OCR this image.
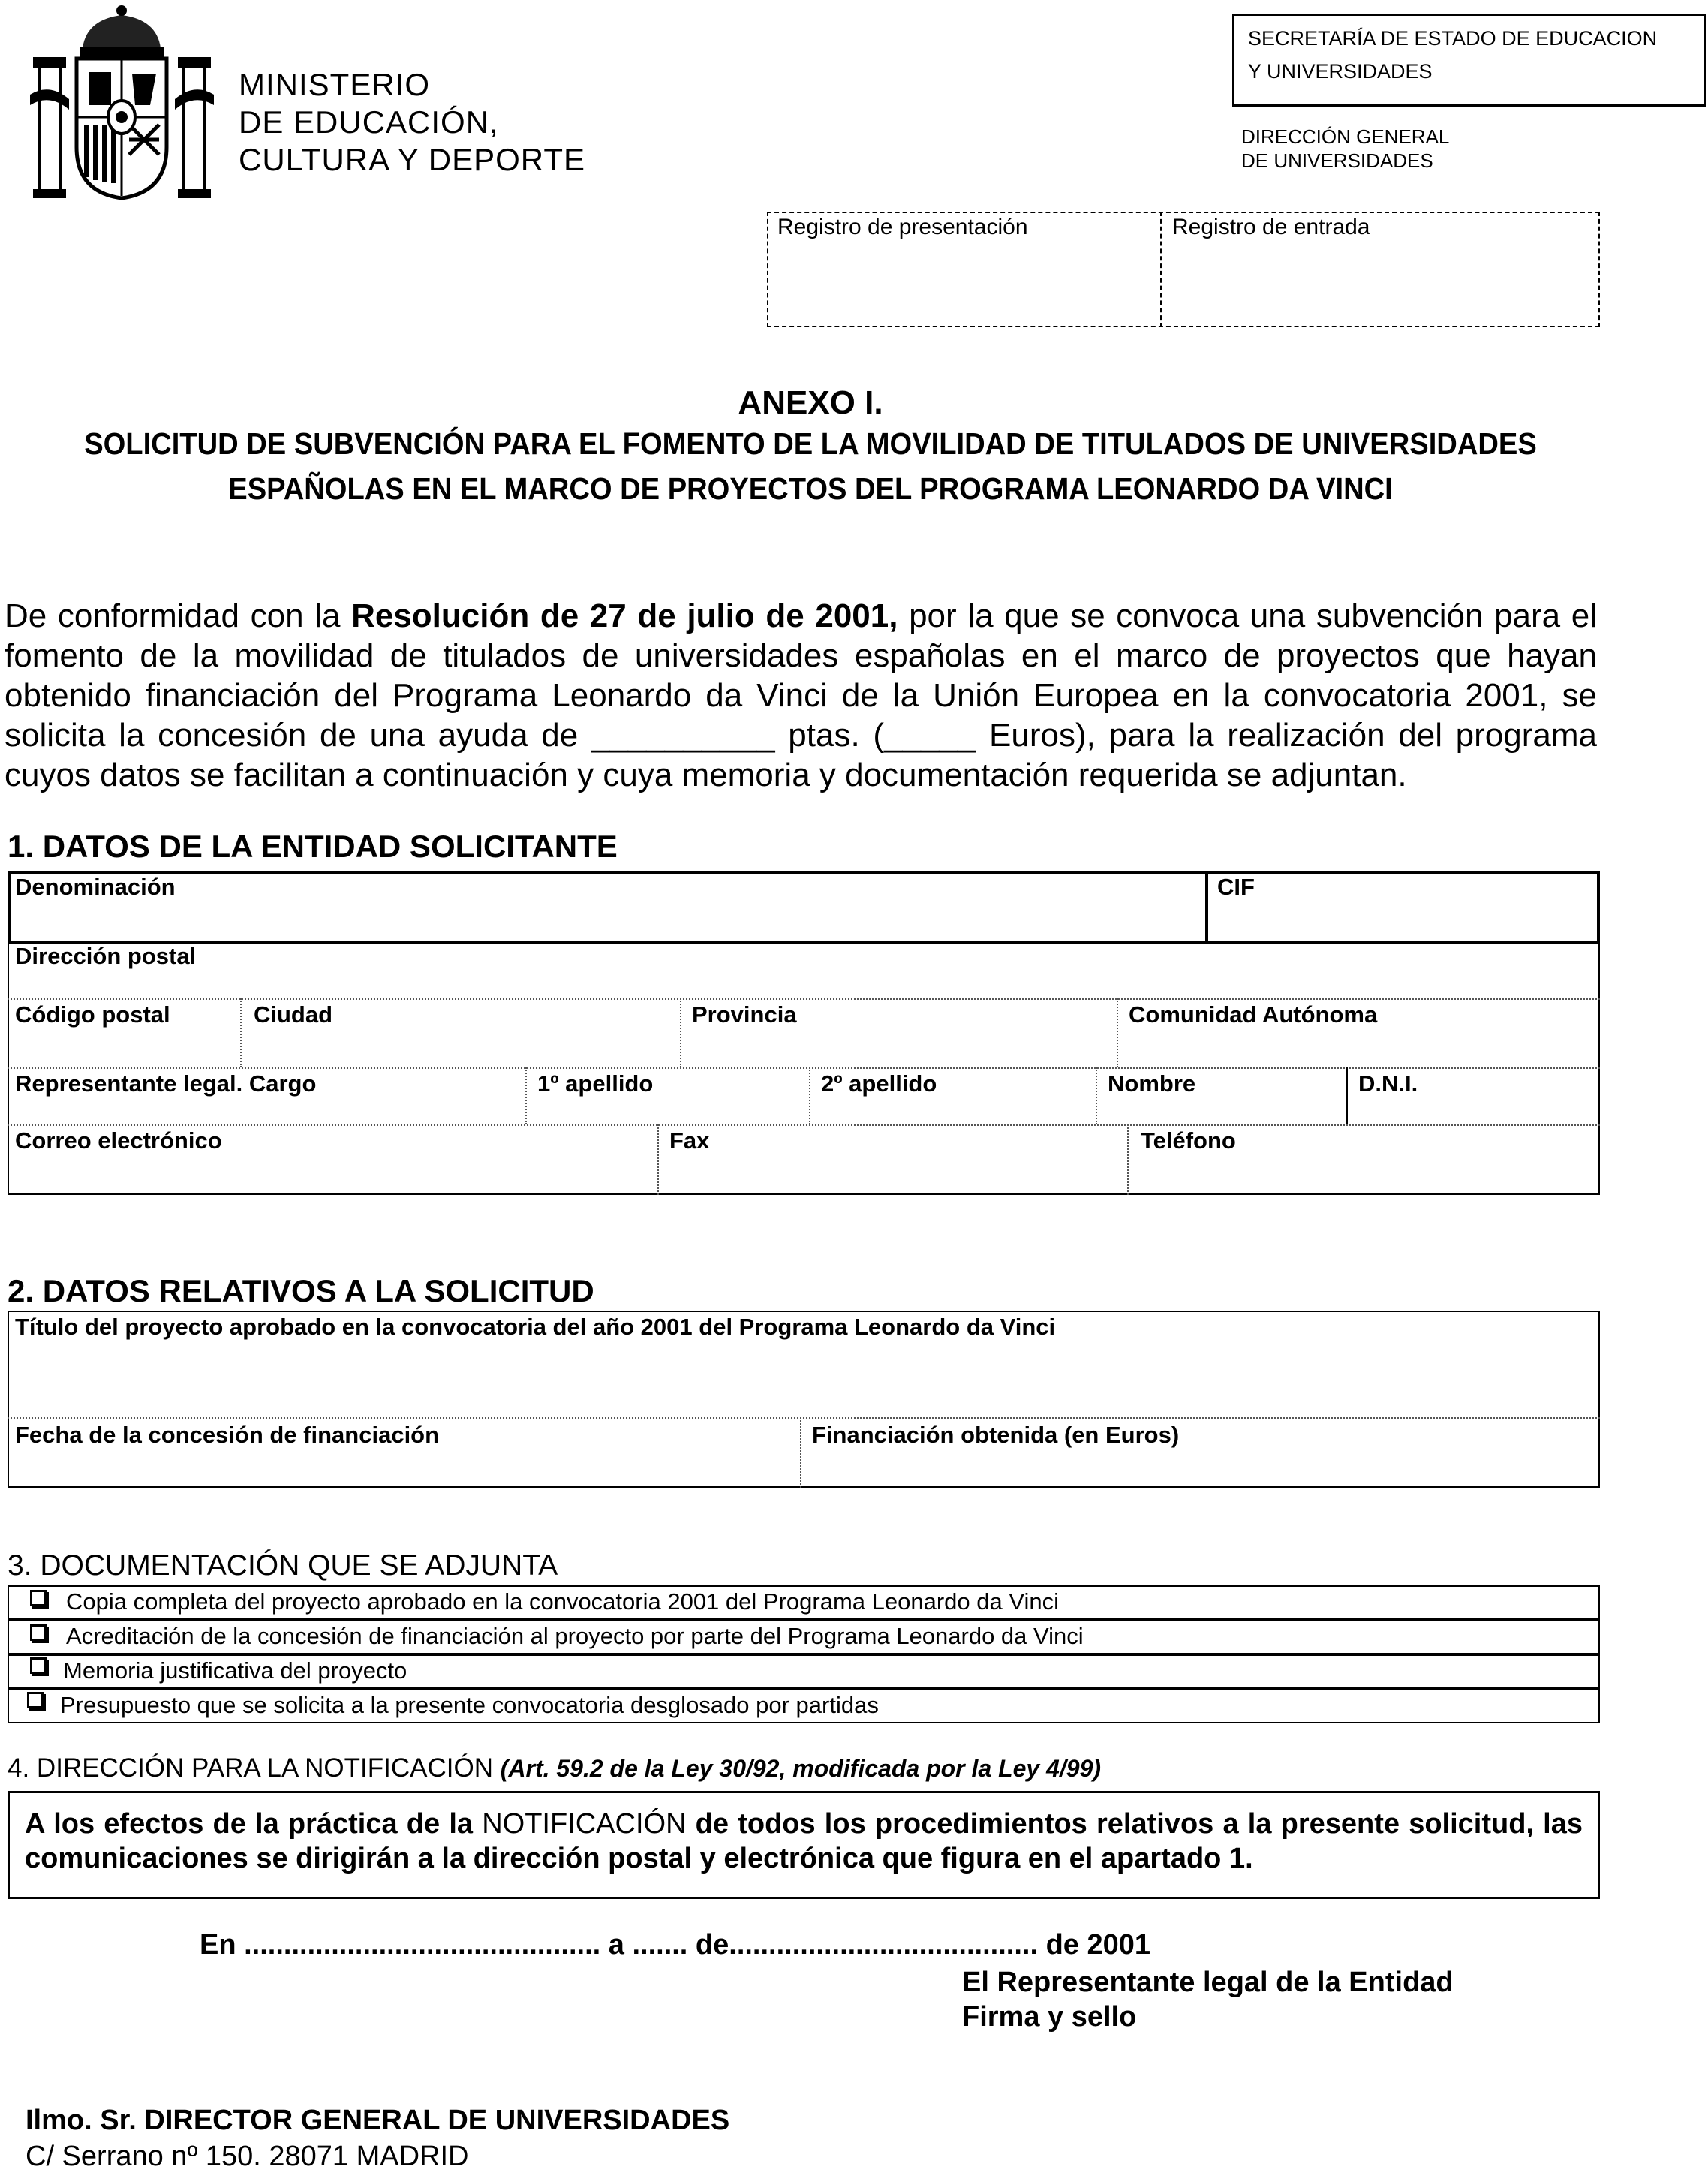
MINISTERIO
DE EDUCACIÓN,
CULTURA Y DEPORTE
SECRETARÍA DE ESTADO DE EDUCACION
Y UNIVERSIDADES
DIRECCIÓN GENERAL
DE UNIVERSIDADES
Registro de presentación	Registro de entrada
ANEXO I.
SOLICITUD DE SUBVENCIÓN PARA EL FOMENTO DE LA MOVILIDAD DE TITULADOS DE UNIVERSIDADES
ESPAÑOLAS EN EL MARCO DE PROYECTOS DEL PROGRAMA LEONARDO DA VINCI
De conformidad con la Resolución de 27 de julio de 2001, por la que se convoca una subvención para el fomento de la movilidad de titulados de universidades españolas en el marco de proyectos que hayan obtenido financiación del Programa Leonardo da Vinci de la Unión Europea en la convocatoria 2001, se solicita la concesión de una ayuda de __________ ptas. (_____ Euros), para la realización del programa cuyos datos se facilitan a continuación y cuya memoria y documentación requerida se adjuntan.
1. DATOS DE LA ENTIDAD SOLICITANTE
Denominación	CIF
Dirección postal
Código postal	Ciudad	Provincia	Comunidad Autónoma
Representante legal. Cargo	1º apellido	2º apellido	Nombre	D.N.I.
Correo electrónico	Fax	Teléfono
2. DATOS RELATIVOS A LA SOLICITUD
Título del proyecto aprobado en la convocatoria del año 2001 del Programa Leonardo da Vinci
Fecha de la concesión de financiación	Financiación obtenida (en Euros)
3. DOCUMENTACIÓN QUE SE ADJUNTA
Copia completa del proyecto aprobado en la convocatoria 2001 del Programa Leonardo da Vinci
Acreditación de la concesión de financiación al proyecto por parte del Programa Leonardo da Vinci
Memoria justificativa del proyecto
Presupuesto que se solicita a la presente convocatoria desglosado por partidas
4. DIRECCIÓN PARA LA NOTIFICACIÓN (Art. 59.2 de la Ley 30/92, modificada por la Ley 4/99)
A los efectos de la práctica de la NOTIFICACIÓN de todos los procedimientos relativos a la presente solicitud, las comunicaciones se dirigirán a la dirección postal y electrónica que figura en el apartado 1.
En ............................................. a ....... de....................................... de 2001
El Representante legal de la Entidad
Firma y sello
Ilmo. Sr. DIRECTOR GENERAL DE UNIVERSIDADES
C/ Serrano nº 150. 28071 MADRID
